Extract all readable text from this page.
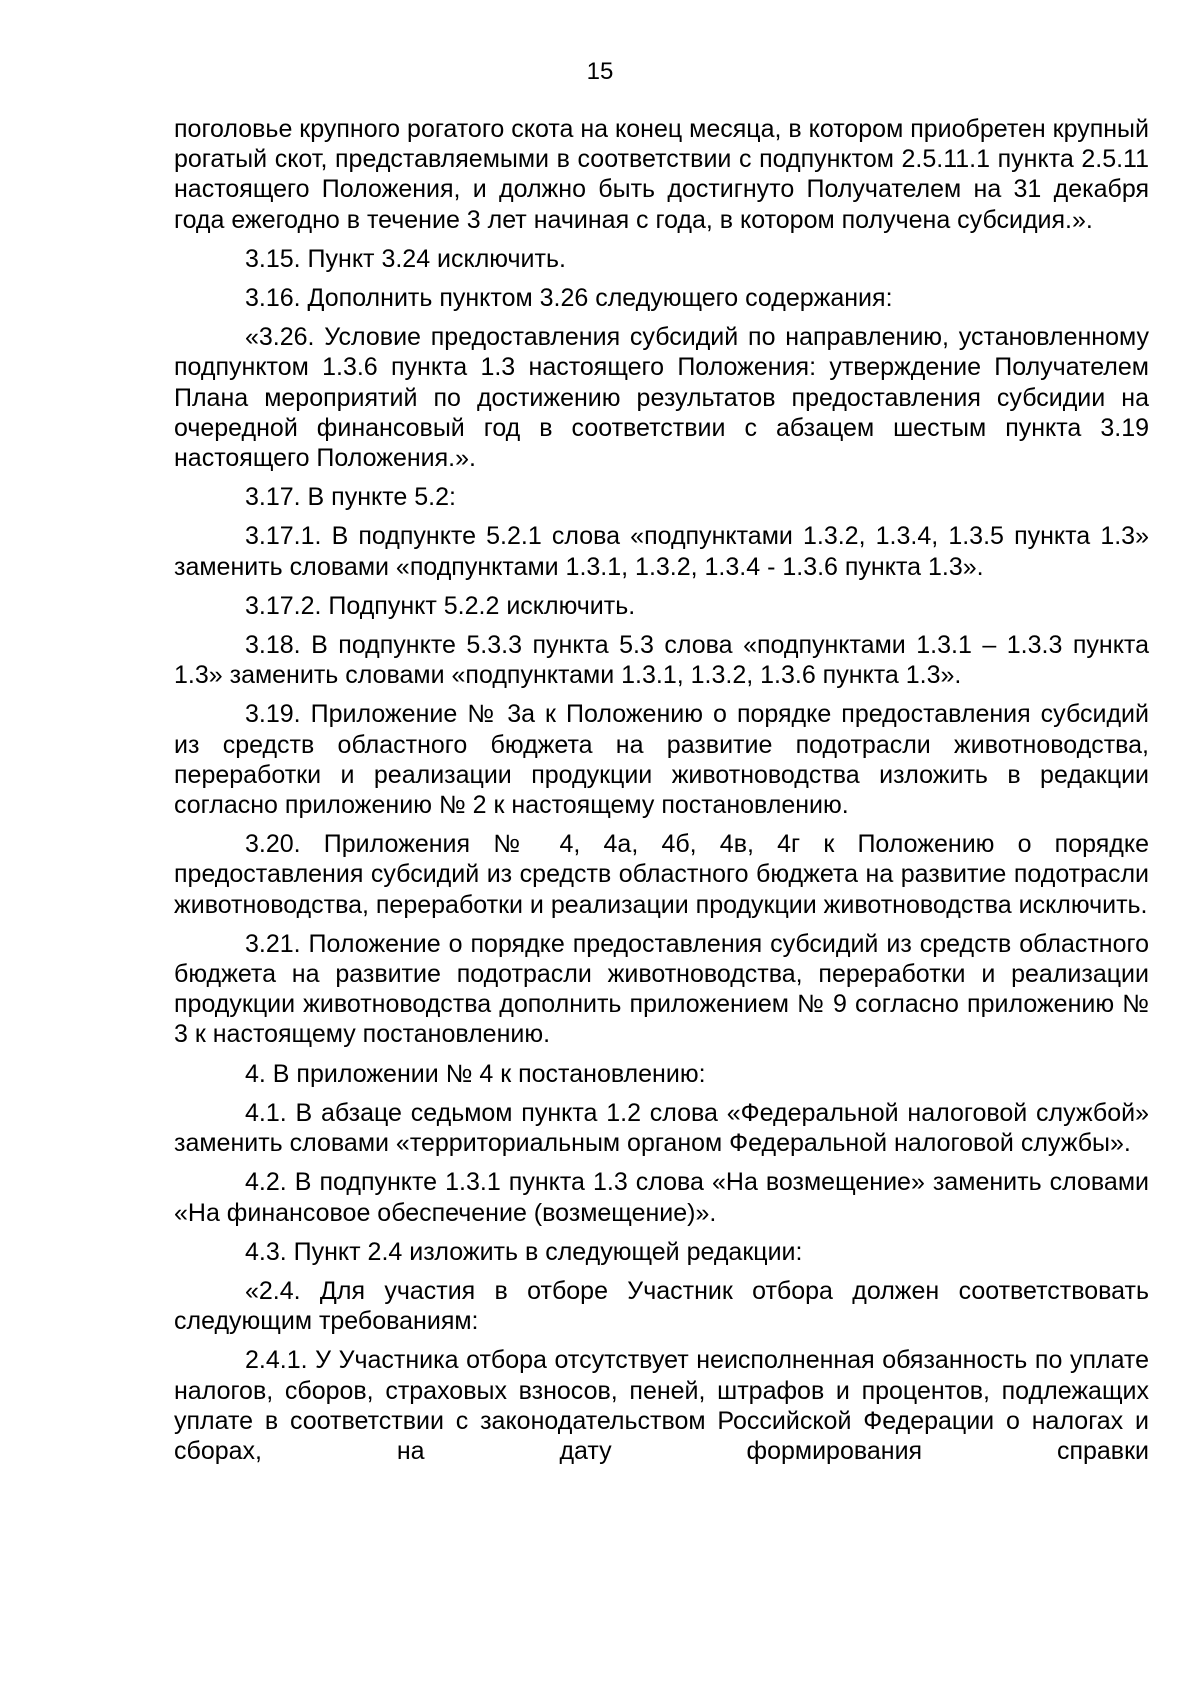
15

поголовье крупного рогатого скота на конец месяца, в котором приобретен крупный рогатый скот, представляемыми в соответствии с подпунктом 2.5.11.1 пункта 2.5.11 настоящего Положения, и должно быть достигнуто Получателем на 31 декабря года ежегодно в течение 3 лет начиная с года, в котором получена субсидия.».

3.15. Пункт 3.24 исключить.

3.16. Дополнить пунктом 3.26 следующего содержания:

«3.26. Условие предоставления субсидий по направлению, установленному подпунктом 1.3.6 пункта 1.3 настоящего Положения: утверждение Получателем Плана мероприятий по достижению результатов предоставления субсидии на очередной финансовый год в соответствии с абзацем шестым пункта 3.19 настоящего Положения.».

3.17. В пункте 5.2:

3.17.1. В подпункте 5.2.1 слова «подпунктами 1.3.2, 1.3.4, 1.3.5 пункта 1.3» заменить словами «подпунктами 1.3.1, 1.3.2, 1.3.4 - 1.3.6 пункта 1.3».

3.17.2. Подпункт 5.2.2 исключить.

3.18. В подпункте 5.3.3 пункта 5.3 слова «подпунктами 1.3.1 – 1.3.3 пункта 1.3» заменить словами «подпунктами 1.3.1, 1.3.2, 1.3.6 пункта 1.3».

3.19. Приложение № 3а к Положению о порядке предоставления субсидий из средств областного бюджета на развитие подотрасли животноводства, переработки и реализации продукции животноводства изложить в редакции согласно приложению № 2 к настоящему постановлению.

3.20. Приложения № 4, 4а, 4б, 4в, 4г к Положению о порядке предоставления субсидий из средств областного бюджета на развитие подотрасли животноводства, переработки и реализации продукции животноводства исключить.

3.21. Положение о порядке предоставления субсидий из средств областного бюджета на развитие подотрасли животноводства, переработки и реализации продукции животноводства дополнить приложением № 9 согласно приложению № 3 к настоящему постановлению.

4. В приложении № 4 к постановлению:

4.1. В абзаце седьмом пункта 1.2 слова «Федеральной налоговой службой» заменить словами «территориальным органом Федеральной налоговой службы».

4.2. В подпункте 1.3.1 пункта 1.3 слова «На возмещение» заменить словами «На финансовое обеспечение (возмещение)».

4.3. Пункт 2.4 изложить в следующей редакции:

«2.4. Для участия в отборе Участник отбора должен соответствовать следующим требованиям:

2.4.1. У Участника отбора отсутствует неисполненная обязанность по уплате налогов, сборов, страховых взносов, пеней, штрафов и процентов, подлежащих уплате в соответствии с законодательством Российской Федерации о налогах и сборах, на дату формирования справки
